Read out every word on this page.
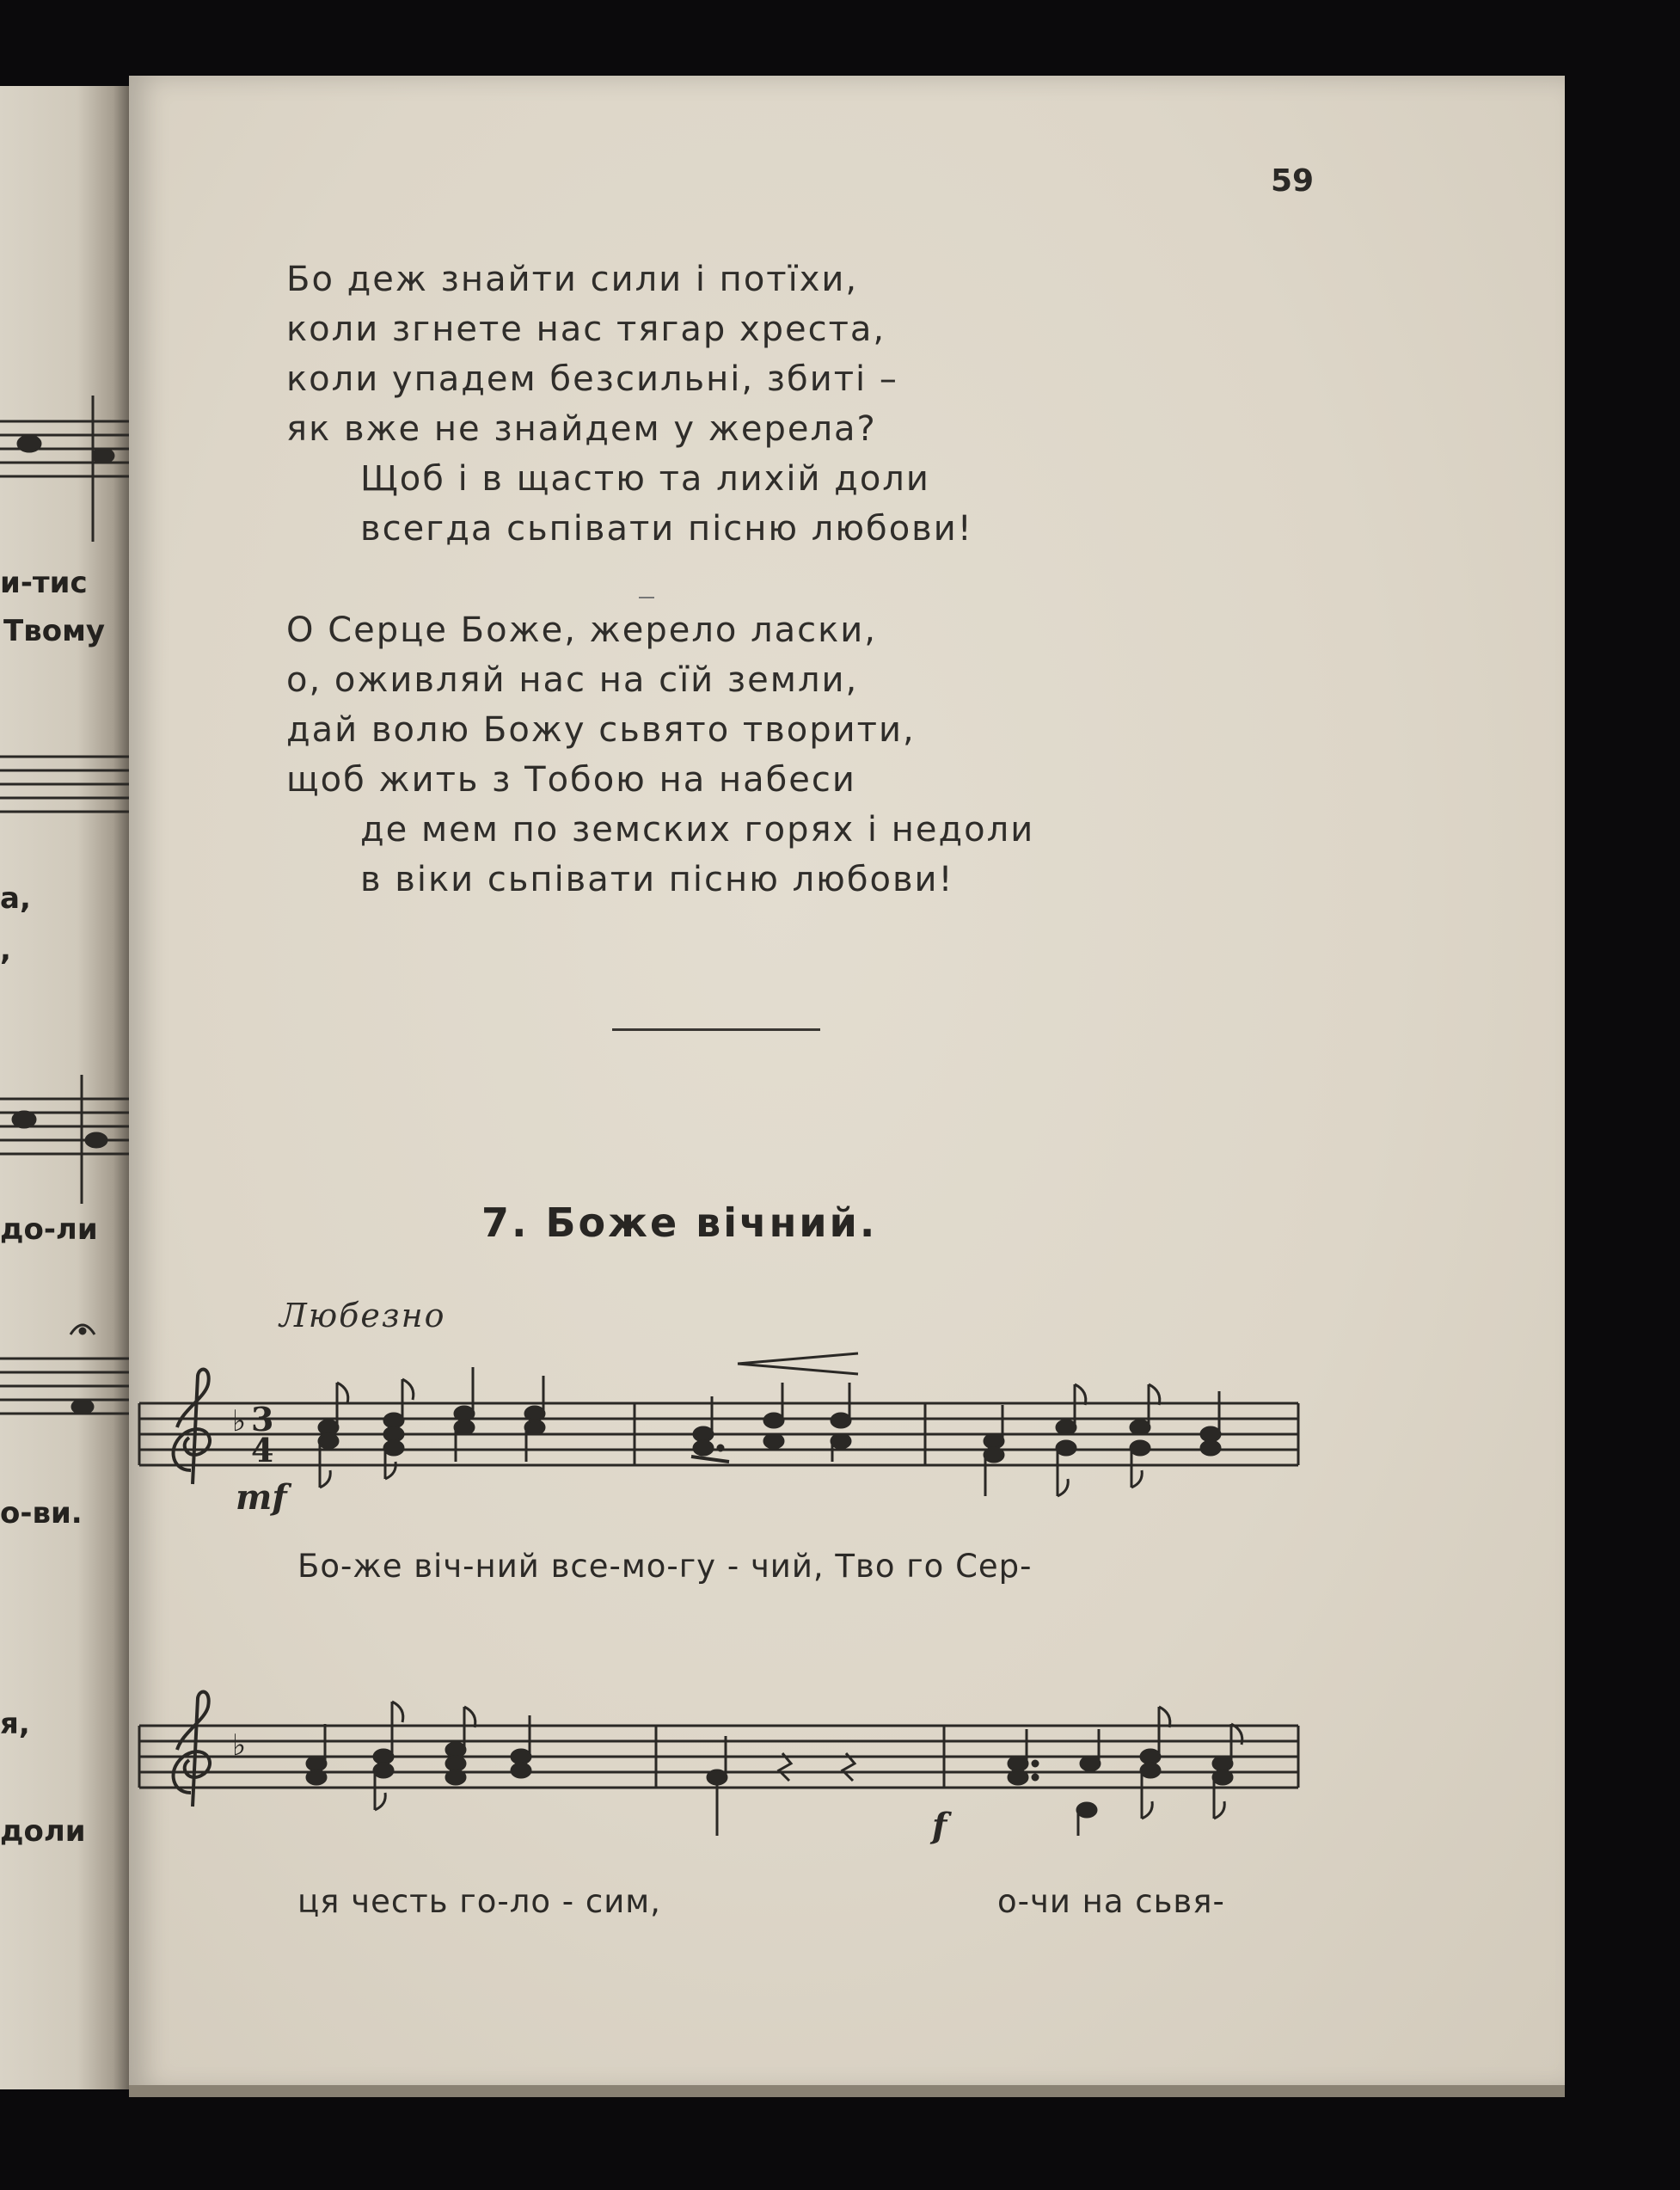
и-тис
Твому
а,
,
до-ли
о-ви.
я,
доли
59
Бо деж знайти сили і потїхи,
коли згнете нас тягар хреста,
коли упадем безсильні, збиті –
як вже не знайдем у жерела?
Щоб і в щастю та лихій доли
всегда сьпівати пісню любови!
О Серце Боже, жерело ласки,
о, оживляй нас на сїй земли,
дай волю Божу сьвято творити,
щоб жить з Тобою на набеси
де мем по земских горях і недоли
в віки сьпівати пісню любови!
7. Боже вічний.
Любезно
♭ 3
4
mf
Бо-же віч-ний все-мо-гу - чий, Тво го Сер-
♭
f
ця честь го-ло - сим,	о-чи на сьвя-
